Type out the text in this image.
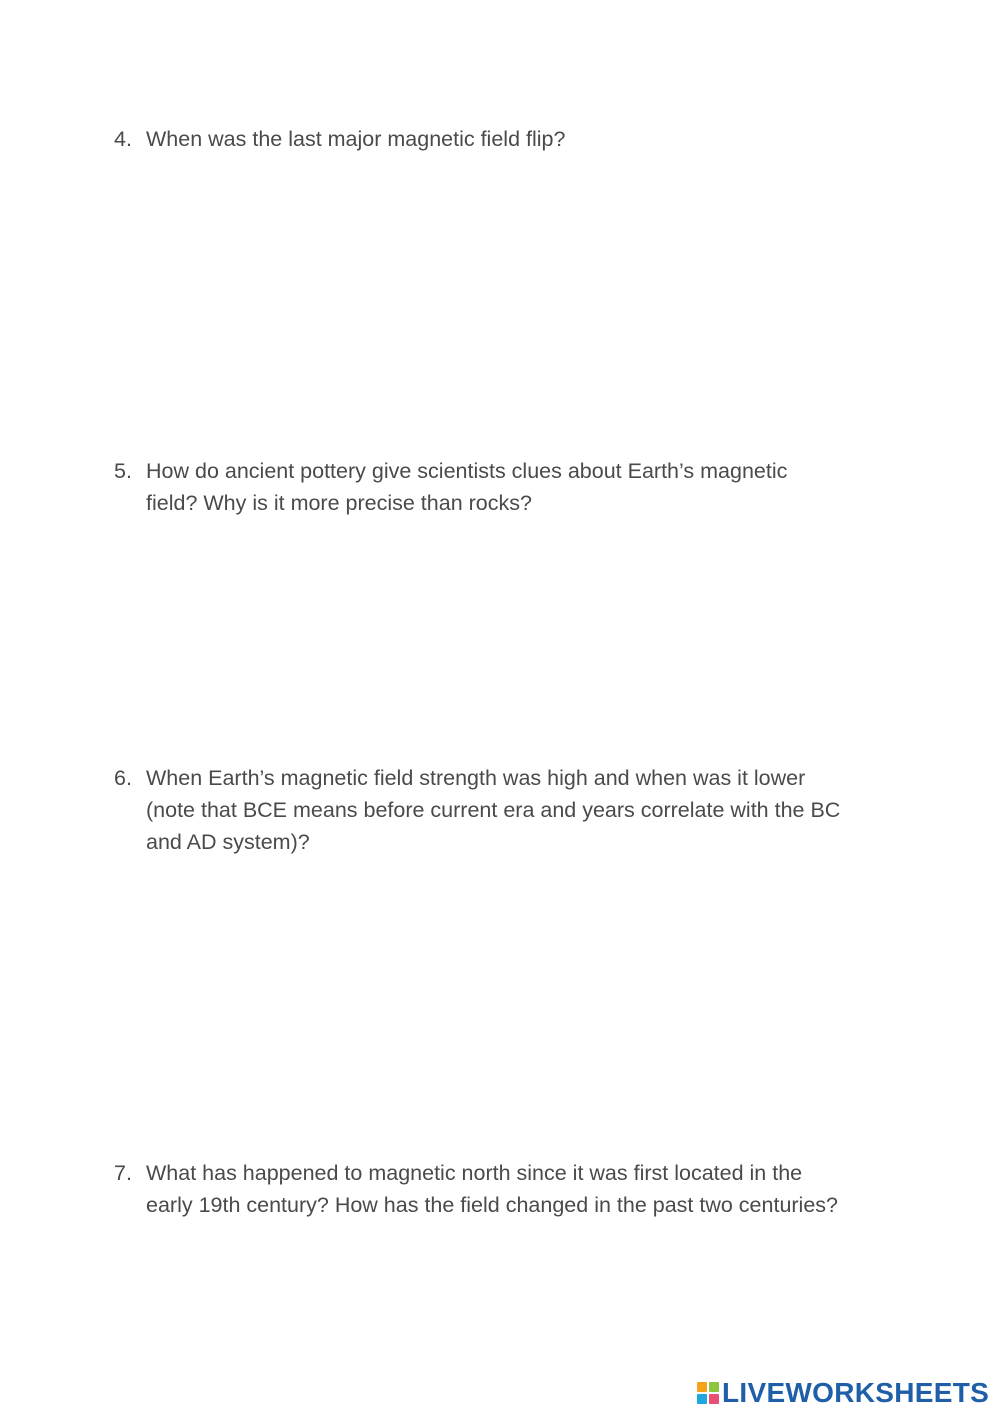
4. When was the last major magnetic field flip?
5. How do ancient pottery give scientists clues about Earth’s magnetic
field? Why is it more precise than rocks?
6. When Earth’s magnetic field strength was high and when was it lower
(note that BCE means before current era and years correlate with the BC
and AD system)?
7. What has happened to magnetic north since it was first located in the
early 19th century? How has the field changed in the past two centuries?
LIVEWORKSHEETS
